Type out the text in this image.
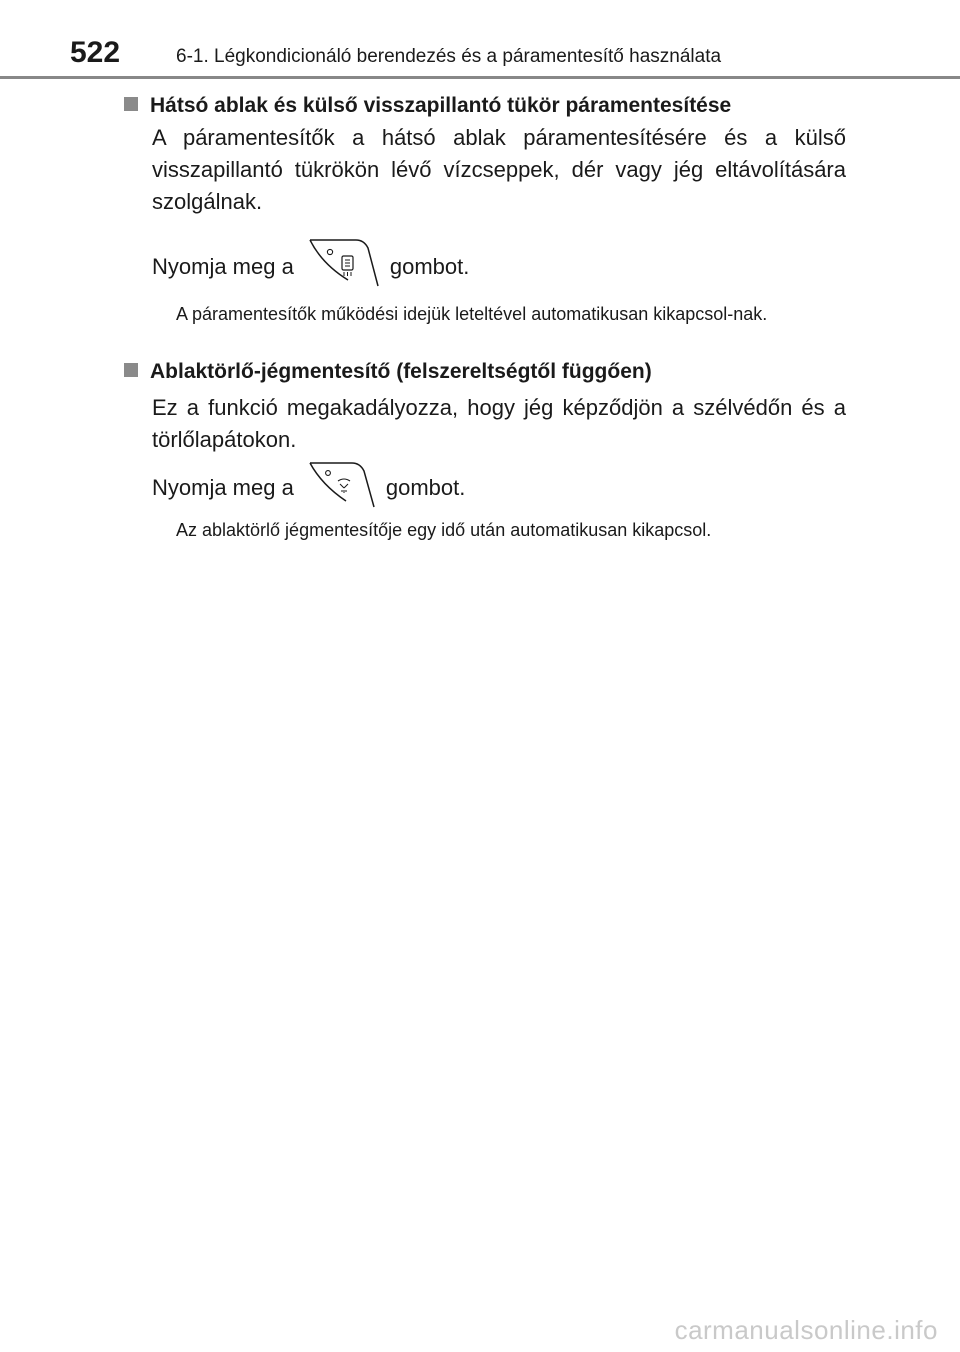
522	6-1. Légkondicionáló berendezés és a páramentesítő használata
Hátsó ablak és külső visszapillantó tükör páramentesítése
A páramentesítők a hátsó ablak páramentesítésére és a külső visszapillantó tükrökön lévő vízcseppek, dér vagy jég eltávolítására szolgálnak.
Nyomja meg a	gombot.
A páramentesítők működési idejük leteltével automatikusan kikapcsol-nak.
Ablaktörlő-jégmentesítő (felszereltségtől függően)
Ez a funkció megakadályozza, hogy jég képződjön a szélvédőn és a törlőlapátokon.
Nyomja meg a	gombot.
Az ablaktörlő jégmentesítője egy idő után automatikusan kikapcsol.
carmanualsonline.info
